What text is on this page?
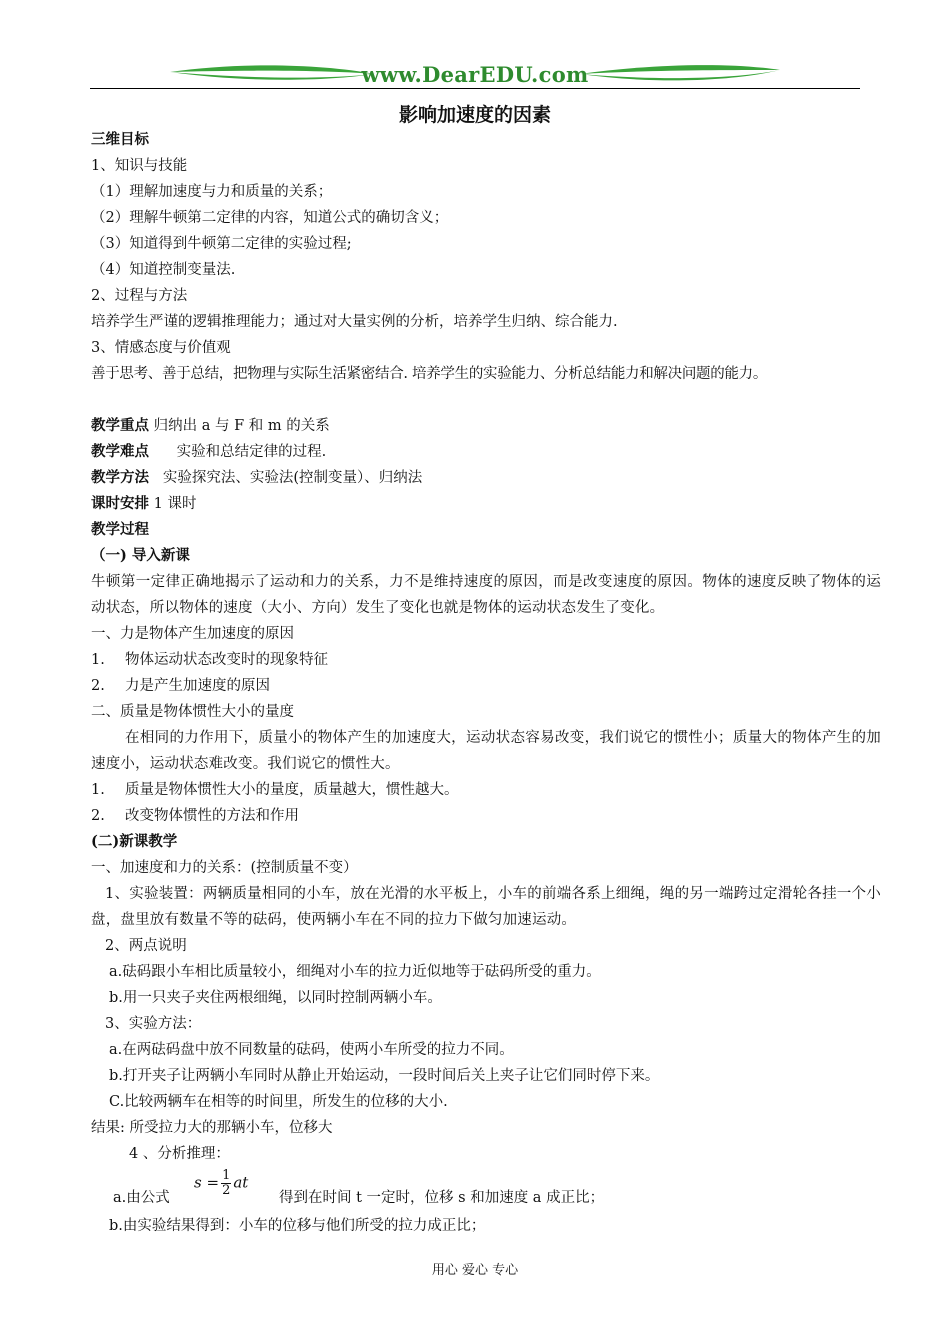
www.DearEDU.com
影响加速度的因素

三维目标

1、知识与技能

（1）理解加速度与力和质量的关系；

（2）理解牛顿第二定律的内容，知道公式的确切含义；

（3）知道得到牛顿第二定律的实验过程;

（4）知道控制变量法.

2、过程与方法

培养学生严谨的逻辑推理能力；通过对大量实例的分析，培养学生归纳、综合能力.

3、情感态度与价值观

善于思考、善于总结，把物理与实际生活紧密结合. 培养学生的实验能力、分析总结能力和解决问题的能力。

教学重点 归纳出 a 与 F 和 m 的关系

教学难点 实验和总结定律的过程.

教学方法 实验探究法、实验法(控制变量）、归纳法

课时安排 1 课时

教学过程

（一) 导入新课

牛顿第一定律正确地揭示了运动和力的关系，力不是维持速度的原因，而是改变速度的原因。物体的速度反映了物体的运动状态，所以物体的速度（大小、方向）发生了变化也就是物体的运动状态发生了变化。

一、力是物体产生加速度的原因

1. 物体运动状态改变时的现象特征

2. 力是产生加速度的原因

二、质量是物体惯性大小的量度

在相同的力作用下，质量小的物体产生的加速度大，运动状态容易改变，我们说它的惯性小；质量大的物体产生的加速度小，运动状态难改变。我们说它的惯性大。

1. 质量是物体惯性大小的量度，质量越大，惯性越大。

2. 改变物体惯性的方法和作用

(二)新课教学

一、加速度和力的关系：(控制质量不变）

1、实验装置：两辆质量相同的小车，放在光滑的水平板上，小车的前端各系上细绳，绳的另一端跨过定滑轮各挂一个小盘，盘里放有数量不等的砝码，使两辆小车在不同的拉力下做匀加速运动。

2、两点说明

a.砝码跟小车相比质量较小，细绳对小车的拉力近似地等于砝码所受的重力。

b.用一只夹子夹住两根细绳，以同时控制两辆小车。

3、实验方法：

a.在两砝码盘中放不同数量的砝码，使两小车所受的拉力不同。

b.打开夹子让两辆小车同时从静止开始运动，一段时间后关上夹子让它们同时停下来。

C.比较两辆车在相等的时间里，所发生的位移的大小.

结果: 所受拉力大的那辆小车，位移大

4 、分析推理：

a.由公式
$s = \frac{1}{2}$ at
得到在时间 t 一定时，位移 s 和加速度 a 成正比；

b.由实验结果得到：小车的位移与他们所受的拉力成正比；

用心 爱心 专心
